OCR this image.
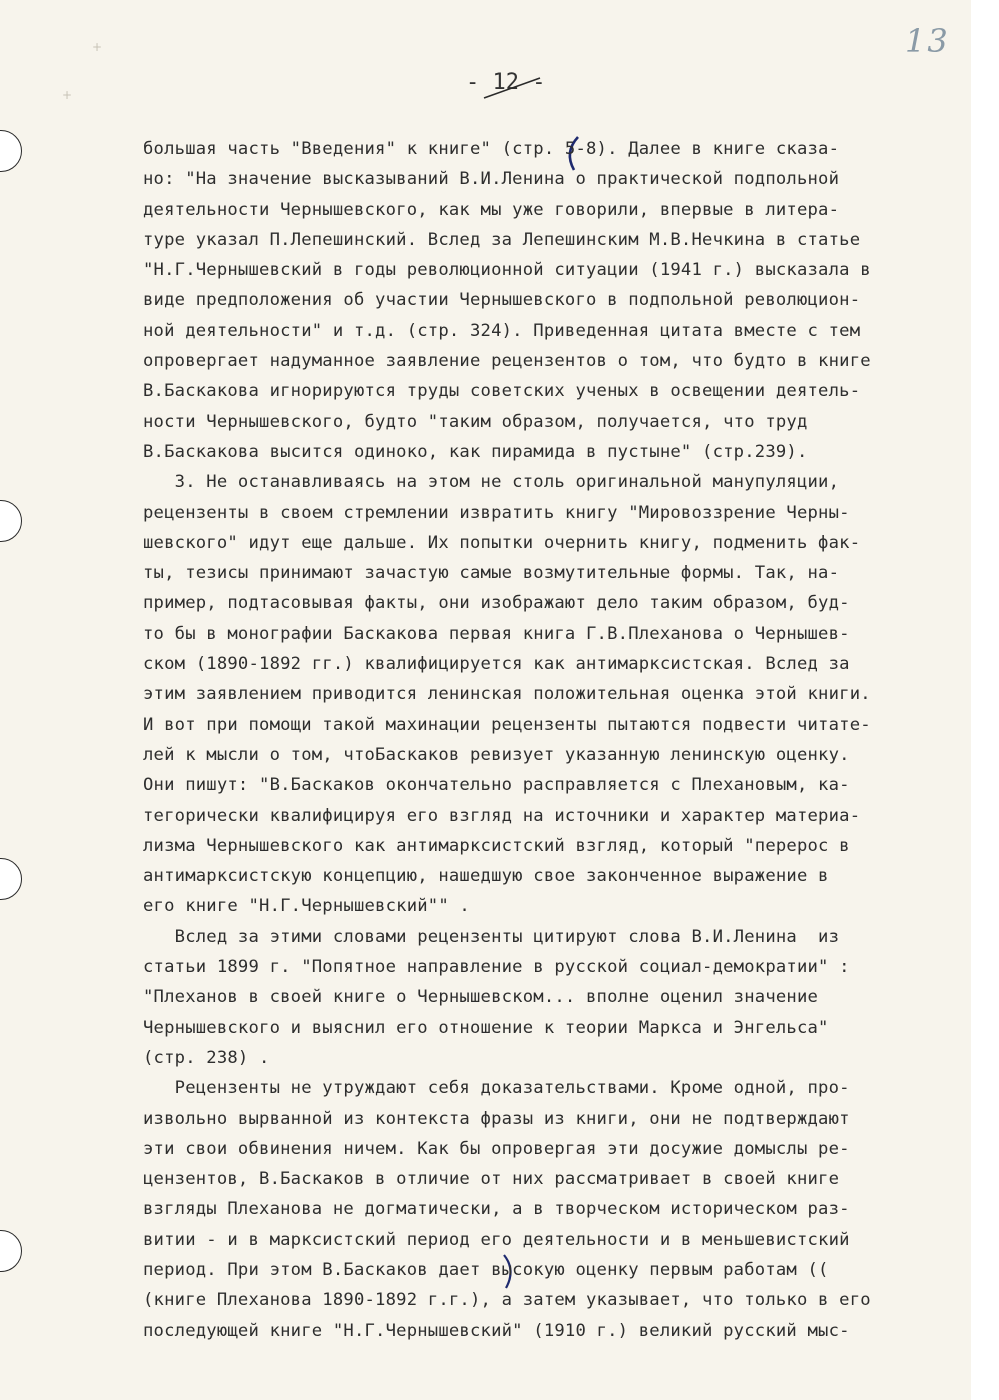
+
+
13
- 12 -
большая часть "Введения" к книге" (стр. 5-8). Далее в книге сказа-
но: "На значение высказываний В.И.Ленина о практической подпольной
деятельности Чернышевского, как мы уже говорили, впервые в литера-
туре указал П.Лепешинский. Вслед за Лепешинским М.В.Нечкина в статье
"Н.Г.Чернышевский в годы революционной ситуации (1941 г.) высказала в
виде предположения об участии Чернышевского в подпольной революцион-
ной деятельности" и т.д. (стр. 324). Приведенная цитата вместе с тем
опровергает надуманное заявление рецензентов о том, что будто в книге
В.Баскакова игнорируются труды советских ученых в освещении деятель-
ности Чернышевского, будто "таким образом, получается, что труд
В.Баскакова высится одиноко, как пирамида в пустыне" (стр.239).
3. Не останавливаясь на этом не столь оригинальной манупуляции,
рецензенты в своем стремлении извратить книгу "Мировоззрение Черны-
шевского" идут еще дальше. Их попытки очернить книгу, подменить фак-
ты, тезисы принимают зачастую самые возмутительные формы. Так, на-
пример, подтасовывая факты, они изображают дело таким образом, буд-
то бы в монографии Баскакова первая книга Г.В.Плеханова о Чернышев-
ском (1890-1892 гг.) квалифицируется как антимарксистская. Вслед за
этим заявлением приводится ленинская положительная оценка этой книги.
И вот при помощи такой махинации рецензенты пытаются подвести читате-
лей к мысли о том, чтоБаскаков ревизует указанную ленинскую оценку.
Они пишут: "В.Баскаков окончательно расправляется с Плехановым, ка-
тегорически квалифицируя его взгляд на источники и характер материа-
лизма Чернышевского как антимарксистский взгляд, который "перерос в
антимарксистскую концепцию, нашедшую свое законченное выражение в
его книге "Н.Г.Чернышевский"" .
Вслед за этими словами рецензенты цитируют слова В.И.Ленина  из
статьи 1899 г. "Попятное направление в русской социал-демократии" :
"Плеханов в своей книге о Чернышевском... вполне оценил значение
Чернышевского и выяснил его отношение к теории Маркса и Энгельса"
(стр. 238) .
Рецензенты не утруждают себя доказательствами. Кроме одной, про-
извольно вырванной из контекста фразы из книги, они не подтверждают
эти свои обвинения ничем. Как бы опровергая эти досужие домыслы ре-
цензентов, В.Баскаков в отличие от них рассматривает в своей книге
взгляды Плеханова не догматически, а в творческом историческом раз-
витии - и в марксистский период его деятельности и в меньшевистский
период. При этом В.Баскаков дает высокую оценку первым работам ((
(книге Плеханова 1890-1892 г.г.), а затем указывает, что только в его
последующей книге "Н.Г.Чернышевский" (1910 г.) великий русский мыс-
